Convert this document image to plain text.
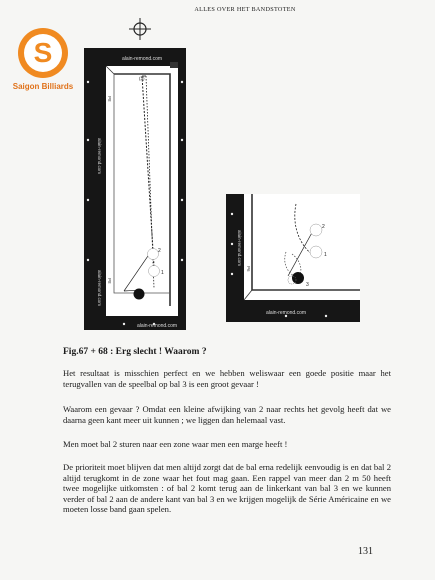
ALLES OVER HET BANDSTOTEN
S
Saigon Billiards
2
1
(3)
alain-remond.com
alain-remond.com
alain-remond.com
alain-remond.com
P8
P8
2
1
3
alain-remond.com
alain-remond.com
P6
Fig.67 + 68 : Erg slecht ! Waarom ?

Het resultaat is misschien perfect en we hebben weliswaar een goede positie maar het terugvallen van de speelbal op bal 3 is een groot gevaar !

Waarom een gevaar ? Omdat een kleine afwijking van 2 naar rechts het gevolg heeft dat we daarna geen kant meer uit kunnen ; we liggen dan helemaal vast.

Men moet bal 2 sturen naar een zone waar men een marge heeft !

De prioriteit moet blijven dat men altijd zorgt dat de bal erna redelijk eenvoudig is en dat bal 2 altijd terugkomt in de zone waar het fout mag gaan. Een rappel van meer dan 2 m 50 heeft twee mogelijke uitkomsten : of bal 2 komt terug aan de linkerkant van bal 3 en we kunnen verder of bal 2 aan de andere kant van bal 3 en we krijgen mogelijk de Série Américaine en we moeten losse band gaan spelen.

131
